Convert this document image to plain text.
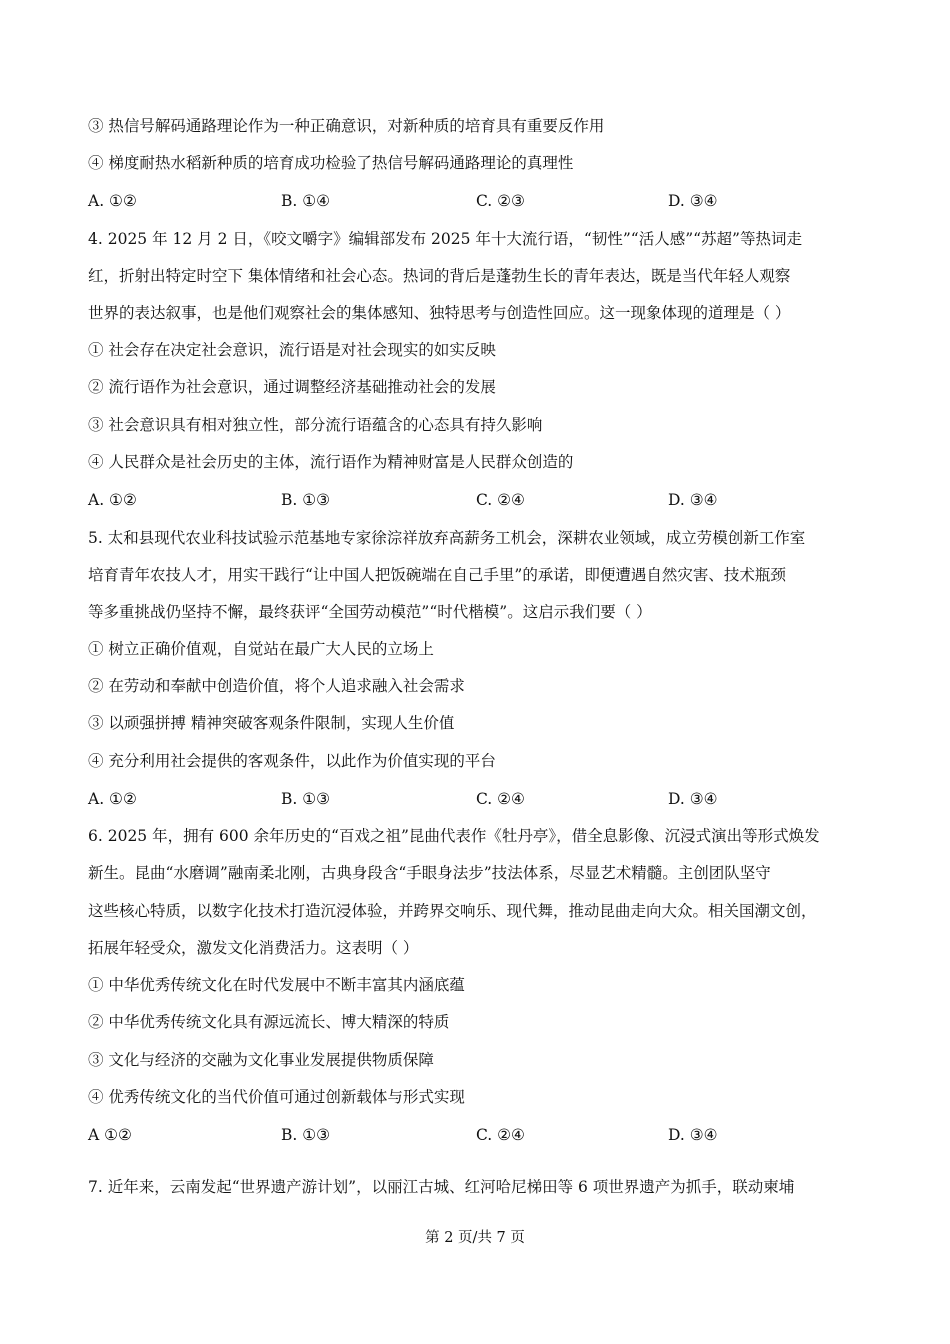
③ 热信号解码通路理论作为一种正确意识，对新种质的培育具有重要反作用
④ 梯度耐热水稻新种质的培育成功检验了热信号解码通路理论的真理性
A. ①②	B. ①④	C. ②③	D. ③④
4. 2025 年 12 月 2 日，《咬文嚼字》编辑部发布 2025 年十大流行语，“韧性”“活人感”“苏超”等热词走
红，折射出特定时空下 集体情绪和社会心态。热词的背后是蓬勃生长的青年表达，既是当代年轻人观察
世界的表达叙事，也是他们观察社会的集体感知、独特思考与创造性回应。这一现象体现的道理是（ ）
① 社会存在决定社会意识，流行语是对社会现实的如实反映
② 流行语作为社会意识，通过调整经济基础推动社会的发展
③ 社会意识具有相对独立性，部分流行语蕴含的心态具有持久影响
④ 人民群众是社会历史的主体，流行语作为精神财富是人民群众创造的
A. ①②	B. ①③	C. ②④	D. ③④
5. 太和县现代农业科技试验示范基地专家徐淙祥放弃高薪务工机会，深耕农业领域，成立劳模创新工作室
培育青年农技人才，用实干践行“让中国人把饭碗端在自己手里”的承诺，即便遭遇自然灾害、技术瓶颈
等多重挑战仍坚持不懈，最终获评“全国劳动模范”“时代楷模”。这启示我们要（ ）
① 树立正确价值观，自觉站在最广大人民的立场上
② 在劳动和奉献中创造价值，将个人追求融入社会需求
③ 以顽强拼搏 精神突破客观条件限制，实现人生价值
④ 充分利用社会提供的客观条件，以此作为价值实现的平台
A. ①②	B. ①③	C. ②④	D. ③④
6. 2025 年，拥有 600 余年历史的“百戏之祖”昆曲代表作《牡丹亭》，借全息影像、沉浸式演出等形式焕发
新生。昆曲“水磨调”融南柔北刚，古典身段含“手眼身法步”技法体系，尽显艺术精髓。主创团队坚守
这些核心特质，以数字化技术打造沉浸体验，并跨界交响乐、现代舞，推动昆曲走向大众。相关国潮文创，
拓展年轻受众，激发文化消费活力。这表明（ ）
① 中华优秀传统文化在时代发展中不断丰富其内涵底蕴
② 中华优秀传统文化具有源远流长、博大精深的特质
③ 文化与经济的交融为文化事业发展提供物质保障
④ 优秀传统文化的当代价值可通过创新载体与形式实现
A ①②	B. ①③	C. ②④	D. ③④
7. 近年来，云南发起“世界遗产游计划”，以丽江古城、红河哈尼梯田等 6 项世界遗产为抓手，联动柬埔
第 2 页/共 7 页
